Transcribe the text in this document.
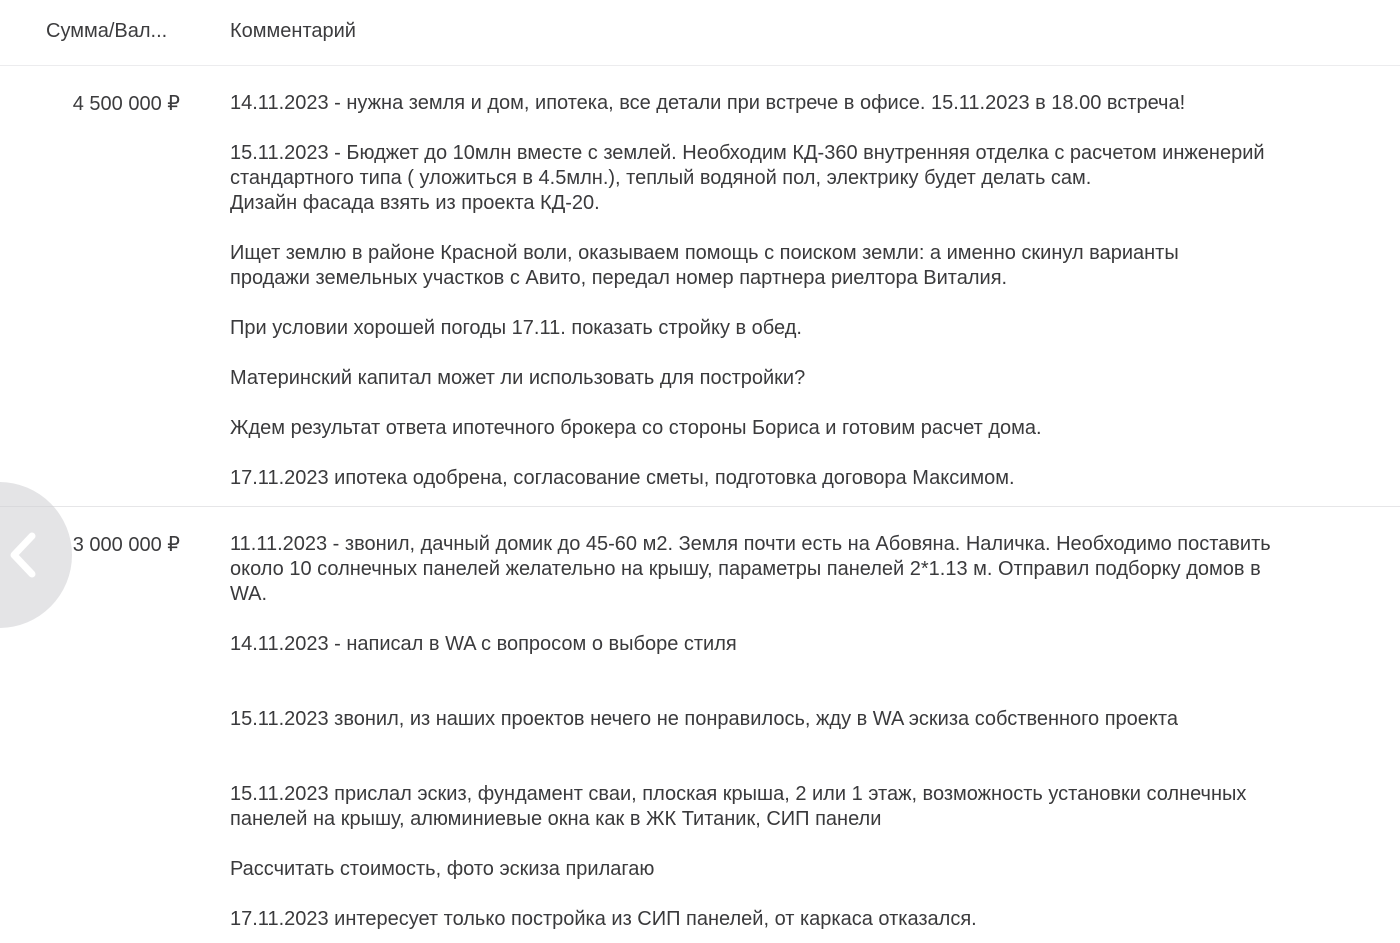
Сумма/Вал...	Комментарий
4 500 000 ₽	14.11.2023 - нужна земля и дом, ипотека, все детали при встрече в офисе. 15.11.2023 в 18.00 встреча!
15.11.2023 - Бюджет до 10млн вместе с землей. Необходим КД-360 внутренняя отделка с расчетом инженерий
стандартного типа ( уложиться в 4.5млн.), теплый водяной пол, электрику будет делать сам.
Дизайн фасада взять из проекта КД-20.
Ищет землю в районе Красной воли, оказываем помощь с поиском земли: а именно скинул варианты
продажи земельных участков с Авито, передал номер партнера риелтора Виталия.
При условии хорошей погоды 17.11. показать стройку в обед.
Материнский капитал может ли использовать для постройки?
Ждем результат ответа ипотечного брокера со стороны Бориса и готовим расчет дома.
17.11.2023 ипотека одобрена, согласование сметы, подготовка договора Максимом.
3 000 000 ₽	11.11.2023 - звонил, дачный домик до 45-60 м2. Земля почти есть на Абовяна. Наличка. Необходимо поставить
около 10 солнечных панелей желательно на крышу, параметры панелей 2*1.13 м. Отправил подборку домов в
WA.
14.11.2023 - написал в WA с вопросом о выборе стиля
15.11.2023 звонил, из наших проектов нечего не понравилось, жду в WA эскиза собственного проекта
15.11.2023 прислал эскиз, фундамент сваи, плоская крыша, 2 или 1 этаж, возможность установки солнечных
панелей на крышу, алюминиевые окна как в ЖК Титаник, СИП панели
Рассчитать стоимость, фото эскиза прилагаю
17.11.2023 интересует только постройка из СИП панелей, от каркаса отказался.
